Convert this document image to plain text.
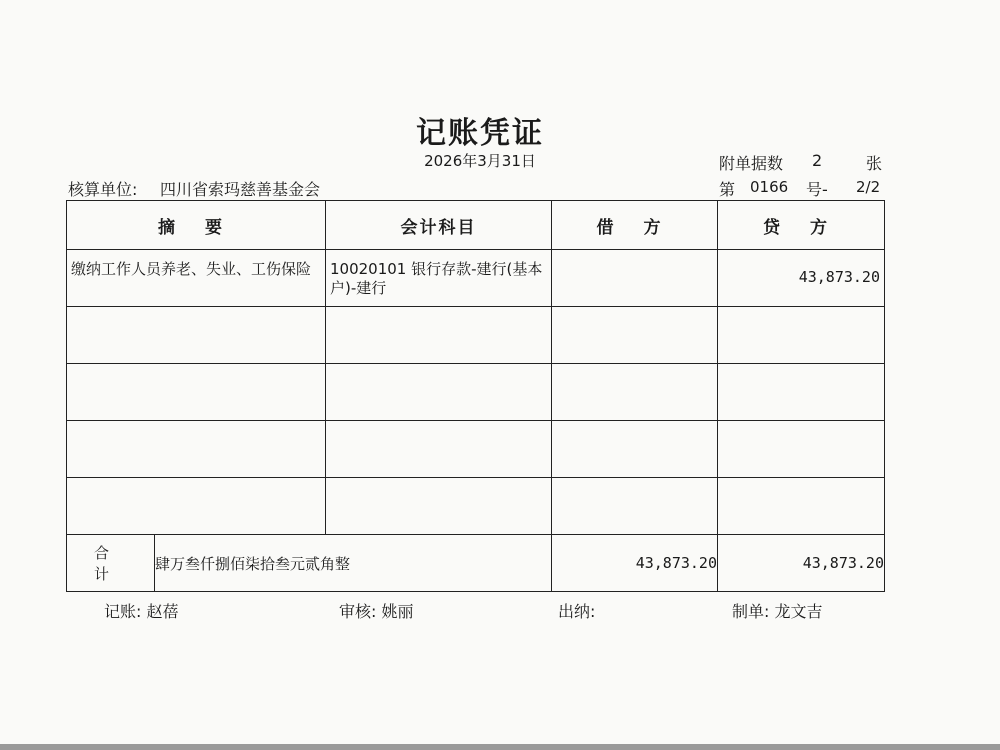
记账凭证
2026年3月31日	附单据数 2	张
核算单位: 四川省索玛慈善基金会	第 0166 号- 2/2
摘 要		会计科目	借 方	贷 方

缴纳工作人员养老、失业、工伤保险		10020101 银行存款-建行(基本户)-建行		43,873.20

合 计	肆万叁仟捌佰柒拾叁元贰角整		43,873.20	43,873.20
记账: 赵蓓	审核: 姚丽	出纳:	制单: 龙文吉
